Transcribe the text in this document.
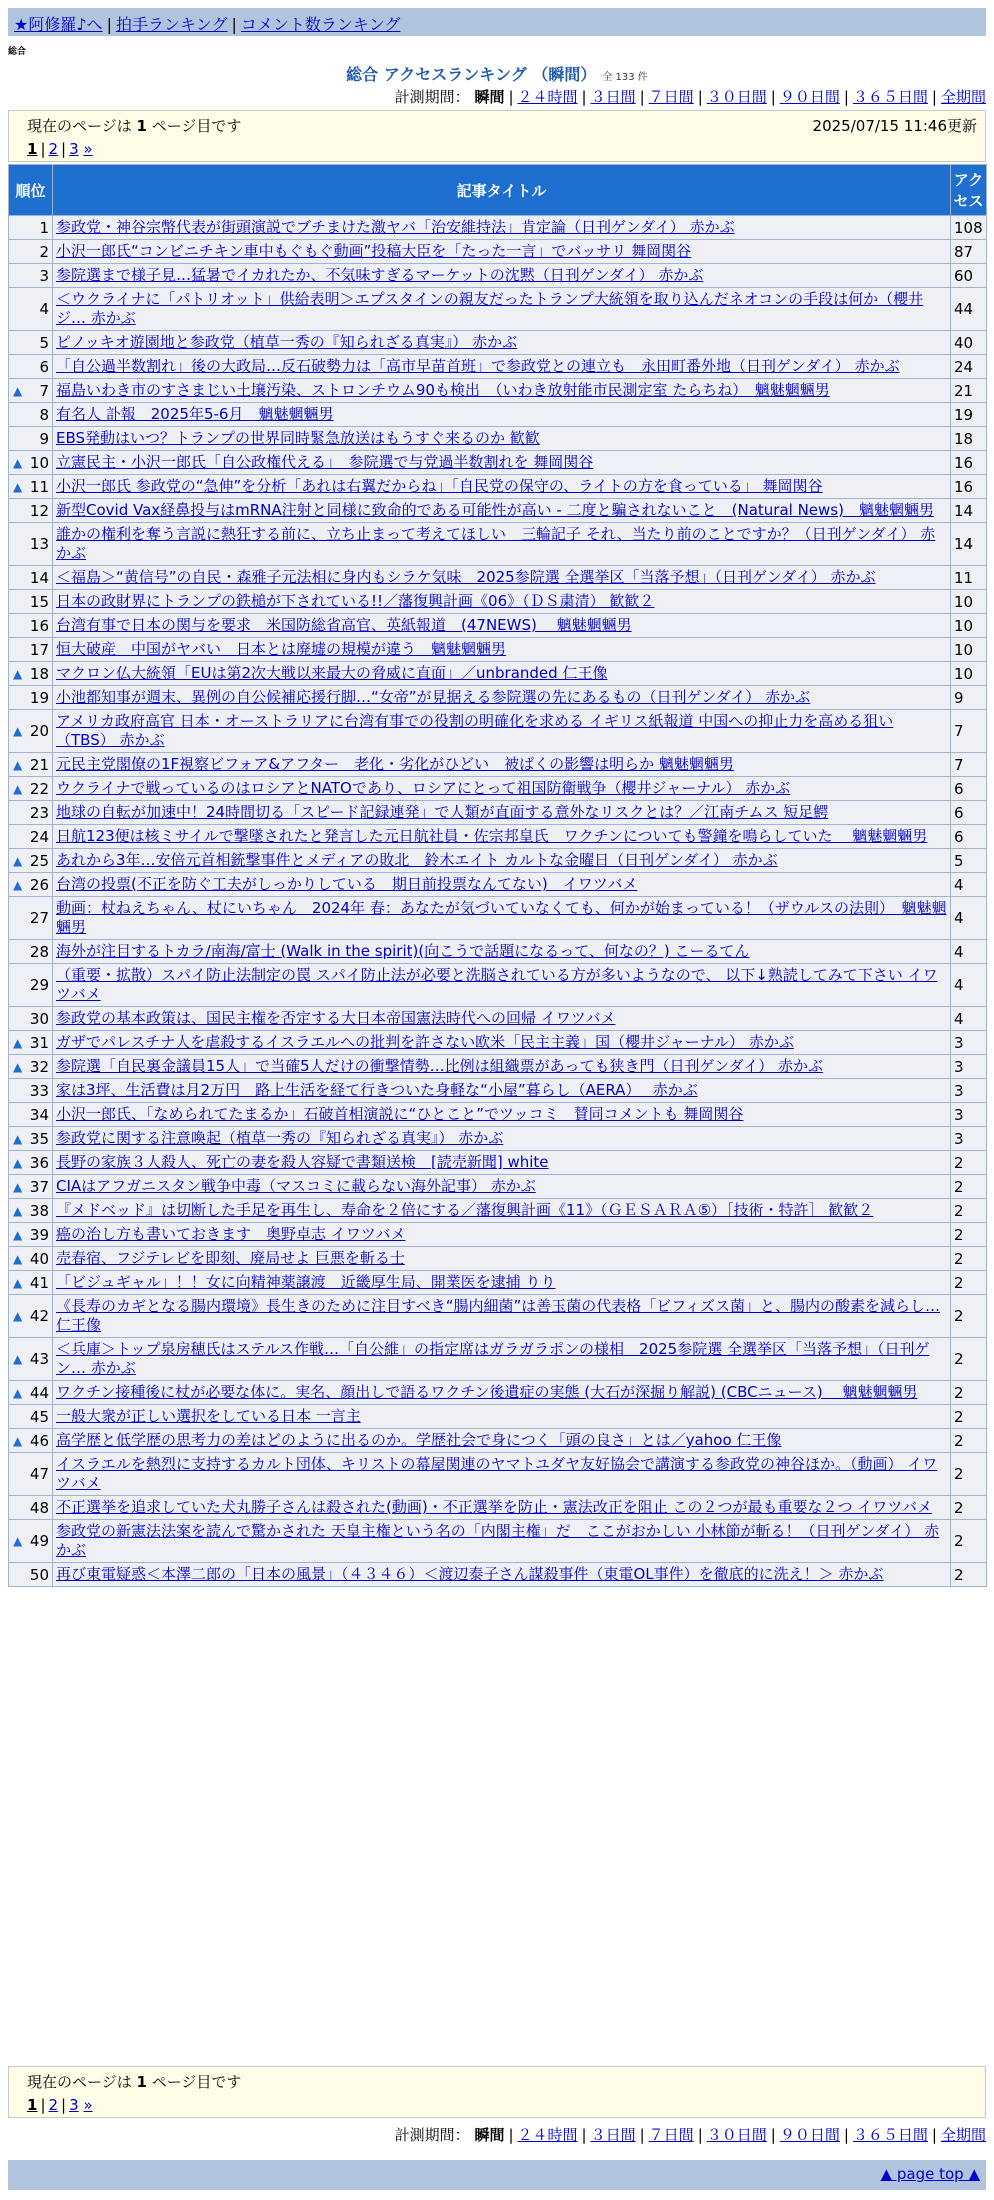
★阿修羅♪へ | 拍手ランキング | コメント数ランキング
総合
総合 アクセスランキング （瞬間） 全 133 件
計測期間： 瞬間 | ２４時間 | ３日間 | ７日間 | ３０日間 | ９０日間 | ３６５日間 | 全期間
現在のページは 1 ページ目です	2025/07/15 11:46更新
1 | 2 | 3 »
順位	記事タイトル	アクセス
1	参政党・神谷宗幣代表が街頭演説でブチまけた激ヤバ「治安維持法」肯定論（日刊ゲンダイ） 赤かぶ	108
2	小沢一郎氏“コンビニチキン車中もぐもぐ動画”投稿大臣を「たった一言」でバッサリ 舞岡関谷	87
3	参院選まで様子見…猛暑でイカれたか、不気味すぎるマーケットの沈黙（日刊ゲンダイ） 赤かぶ	60
4	＜ウクライナに「パトリオット」供給表明＞エプスタインの親友だったトランプ大統領を取り込んだネオコンの手段は何か（櫻井ジ… 赤かぶ	44
5	ピノッキオ遊園地と参政党（植草一秀の『知られざる真実』） 赤かぶ	40
6	「自公過半数割れ」後の大政局…反石破勢力は「高市早苗首班」で参政党との連立も　永田町番外地（日刊ゲンダイ） 赤かぶ	24

▲ 7	福島いわき市のすさまじい土壌汚染、ストロンチウム90も検出　（いわき放射能市民測定室 たらちね）　魑魅魍魎男	21
8	有名人 訃報　2025年5-6月　魑魅魍魎男	19
9	EBS発動はいつ？トランプの世界同時緊急放送はもうすぐ来るのか 歓歓	18

▲ 10	立憲民主・小沢一郎氏「自公政権代える」　参院選で与党過半数割れを 舞岡関谷	16

▲ 11	小沢一郎氏 参政党の“急伸”を分析「あれは右翼だからね」「自民党の保守の、ライトの方を食っている」 舞岡関谷	16
12	新型Covid Vax経鼻投与はmRNA注射と同様に致命的である可能性が高い - 二度と騙されないこと　(Natural News)　魑魅魍魎男	14
13	誰かの権利を奪う言説に熱狂する前に、立ち止まって考えてほしい　三輪記子 それ、当たり前のことですか？（日刊ゲンダイ） 赤かぶ	14
14	＜福島＞“黄信号”の自民・森雅子元法相に身内もシラケ気味　2025参院選 全選挙区「当落予想」（日刊ゲンダイ） 赤かぶ	11
15	日本の政財界にトランプの鉄槌が下されている!!／藩復興計画《06》（ＤＳ粛清） 歓歓２	10
16	台湾有事で日本の関与を要求　米国防総省高官、英紙報道　(47NEWS)　 魑魅魍魎男	10
17	恒大破産　中国がヤバい　日本とは廃墟の規模が違う　魑魅魍魎男	10

▲ 18	マクロン仏大統領「EUは第2次大戦以来最大の脅威に直面」／unbranded 仁王像	10
19	小池都知事が週末、異例の自公候補応援行脚…“女帝”が見据える参院選の先にあるもの（日刊ゲンダイ） 赤かぶ	9

▲ 20	アメリカ政府高官 日本・オーストラリアに台湾有事での役割の明確化を求める イギリス紙報道 中国への抑止力を高める狙い（TBS） 赤かぶ	7

▲ 21	元民主党閣僚の1F視察ビフォア&アフター　老化・劣化がひどい　被ばくの影響は明らか 魑魅魍魎男	7

▲ 22	ウクライナで戦っているのはロシアとNATOであり、ロシアにとって祖国防衛戦争（櫻井ジャーナル） 赤かぶ	6
23	地球の自転が加速中！24時間切る「スピード記録連発」で人類が直面する意外なリスクとは？／江南チムス 短足鰐	6
24	日航123便は核ミサイルで撃墜されたと発言した元日航社員・佐宗邦皇氏　ワクチンについても警鐘を鳴らしていた　 魑魅魍魎男	6

▲ 25	あれから3年…安倍元首相銃撃事件とメディアの敗北　鈴木エイト カルトな金曜日（日刊ゲンダイ） 赤かぶ	5

▲ 26	台湾の投票(不正を防ぐ工夫がしっかりしている　期日前投票なんてない)　イワツバメ	4
27	動画：杖ねえちゃん、杖にいちゃん　2024年 春：あなたが気づいていなくても、何かが始まっている！（ザウルスの法則）　魑魅魍魎男	4
28	海外が注目するトカラ/南海/富士 (Walk in the spirit)(向こうで話題になるって、何なの？) こーるてん	4
29	（重要・拡散）スパイ防止法制定の罠 スパイ防止法が必要と洗脳されている方が多いようなので、 以下↓熟読してみて下さい イワツバメ	4
30	参政党の基本政策は、国民主権を否定する大日本帝国憲法時代への回帰 イワツバメ	4

▲ 31	ガザでパレスチナ人を虐殺するイスラエルへの批判を許さない欧米「民主主義」国（櫻井ジャーナル） 赤かぶ	3

▲ 32	参院選「自民裏金議員15人」で当確5人だけの衝撃情勢…比例は組織票があっても狭き門（日刊ゲンダイ） 赤かぶ	3
33	家は3坪、生活費は月2万円　路上生活を経て行きついた身軽な“小屋”暮らし（AERA）　 赤かぶ	3
34	小沢一郎氏、「なめられてたまるか」石破首相演説に“ひとこと”でツッコミ　賛同コメントも 舞岡関谷	3

▲ 35	参政党に関する注意喚起（植草一秀の『知られざる真実』） 赤かぶ	3

▲ 36	長野の家族３人殺人、死亡の妻を殺人容疑で書類送検　[読売新聞] white	2

▲ 37	CIAはアフガニスタン戦争中毒（マスコミに載らない海外記事） 赤かぶ	2

▲ 38	『メドベッド』は切断した手足を再生し、寿命を２倍にする／藩復興計画《11》（ＧＥＳＡＲＡ⑤）［技術・特許］ 歓歓２	2

▲ 39	癌の治し方も書いておきます　奥野卓志 イワツバメ	2

▲ 40	売春宿、フジテレビを即刻、廃局せよ 巨悪を斬る士	2

▲ 41	「ビジュギャル」！！女に向精神薬譲渡　近畿厚生局、開業医を逮捕 りり	2

▲ 42	《長寿のカギとなる腸内環境》長生きのために注目すべき“腸内細菌”は善玉菌の代表格「ビフィズス菌」と、腸内の酸素を減らし… 仁王像	2

▲ 43	＜兵庫＞トップ泉房穂氏はステルス作戦…「自公維」の指定席はガラガラポンの様相　2025参院選 全選挙区「当落予想」（日刊ゲン… 赤かぶ	2

▲ 44	ワクチン接種後に杖が必要な体に。実名、顔出しで語るワクチン後遺症の実態 (大石が深掘り解説) (CBCニュース)　 魑魅魍魎男	2
45	一般大衆が正しい選択をしている日本 一言主	2

▲ 46	高学歴と低学歴の思考力の差はどのように出るのか。学歴社会で身につく「頭の良さ」とは／yahoo 仁王像	2
47	イスラエルを熱烈に支持するカルト団体、キリストの幕屋関連のヤマトユダヤ友好協会で講演する参政党の神谷ほか。（動画） イワツバメ	2
48	不正選挙を追求していた犬丸勝子さんは殺された(動画)・不正選挙を防止・憲法改正を阻止 この２つが最も重要な２つ イワツバメ	2

▲ 49	参政党の新憲法法案を読んで驚かされた 天皇主権という名の「内閣主権」だ　ここがおかしい 小林節が斬る！（日刊ゲンダイ） 赤かぶ	2
50	再び東電疑惑＜本澤二郎の「日本の風景」（４３４６）＜渡辺泰子さん謀殺事件（東電OL事件）を徹底的に洗え！＞ 赤かぶ	2
現在のページは 1 ページ目です
1 | 2 | 3 »
計測期間： 瞬間 | ２４時間 | ３日間 | ７日間 | ３０日間 | ９０日間 | ３６５日間 | 全期間
▲ page top ▲
